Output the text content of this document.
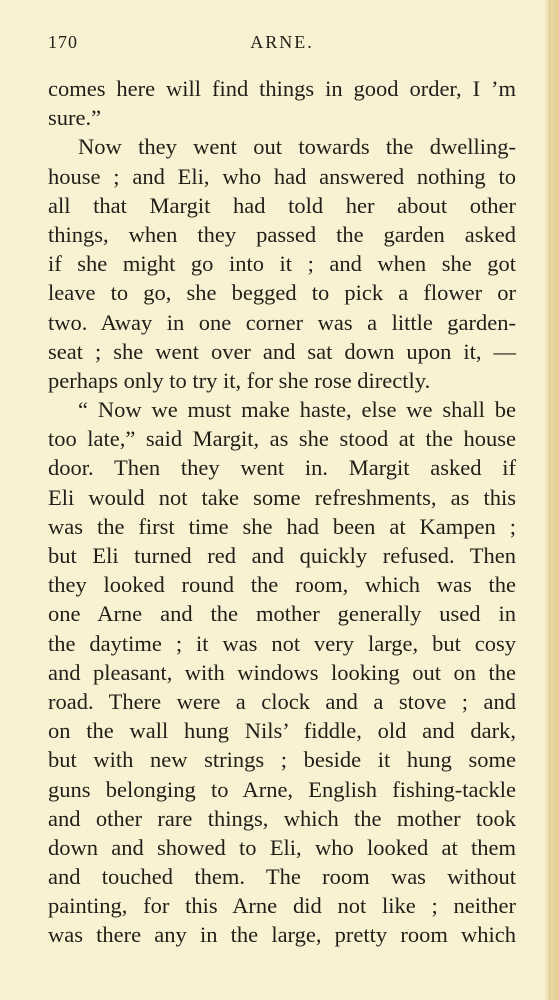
170	ARNE.
comes here will find things in good order, I ’m
sure.”
Now they went out towards the dwelling-
house ; and Eli, who had answered nothing to
all that Margit had told her about other
things, when they passed the garden asked
if she might go into it ; and when she got
leave to go, she begged to pick a flower or
two. Away in one corner was a little garden-
seat ; she went over and sat down upon it, —
perhaps only to try it, for she rose directly.
“ Now we must make haste, else we shall be
too late,” said Margit, as she stood at the house
door. Then they went in. Margit asked if
Eli would not take some refreshments, as this
was the first time she had been at Kampen ;
but Eli turned red and quickly refused. Then
they looked round the room, which was the
one Arne and the mother generally used in
the daytime ; it was not very large, but cosy
and pleasant, with windows looking out on the
road. There were a clock and a stove ; and
on the wall hung Nils’ fiddle, old and dark,
but with new strings ; beside it hung some
guns belonging to Arne, English fishing-tackle
and other rare things, which the mother took
down and showed to Eli, who looked at them
and touched them. The room was without
painting, for this Arne did not like ; neither
was there any in the large, pretty room which
